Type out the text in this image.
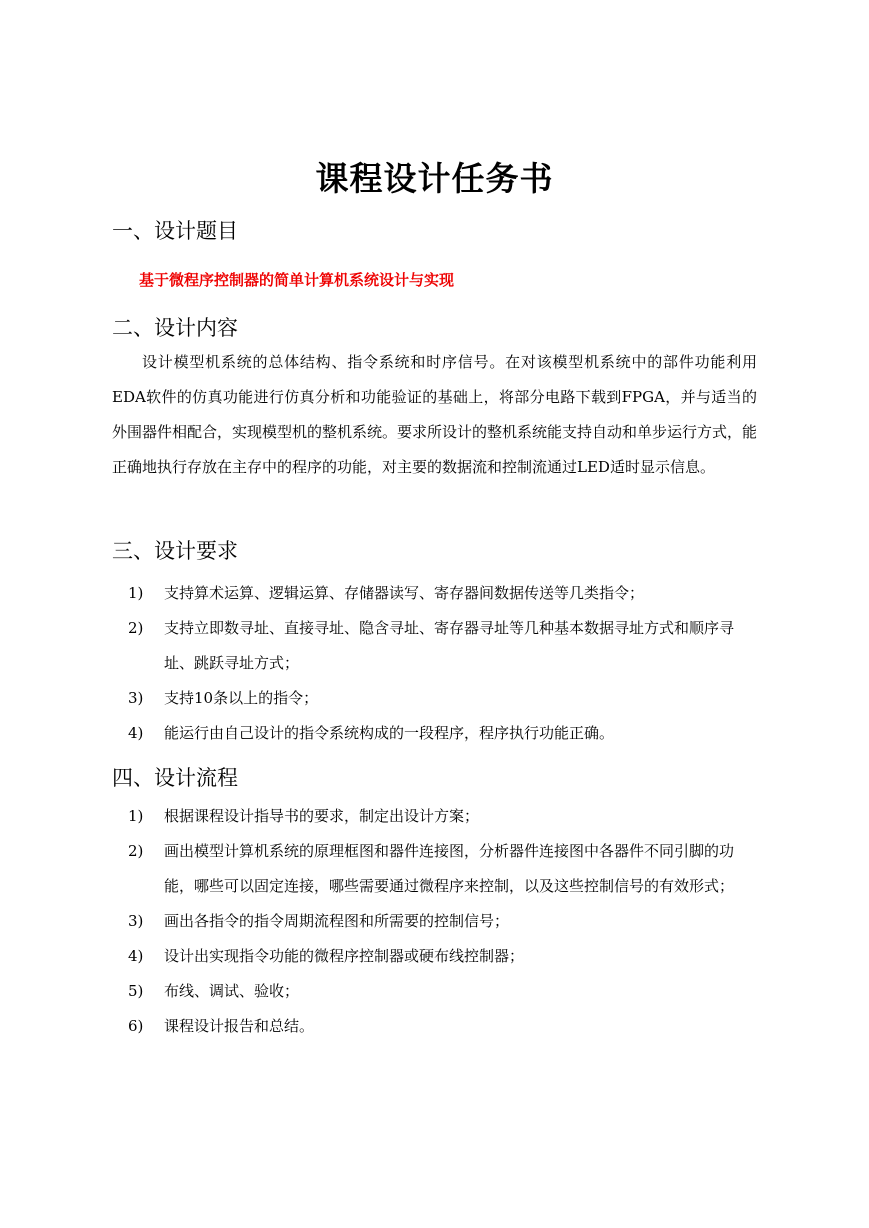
课程设计任务书
一、设计题目
基于微程序控制器的简单计算机系统设计与实现
二、设计内容
设计模型机系统的总体结构、指令系统和时序信号。在对该模型机系统中的部件功能利用EDA软件的仿真功能进行仿真分析和功能验证的基础上，将部分电路下载到FPGA，并与适当的外围器件相配合，实现模型机的整机系统。要求所设计的整机系统能支持自动和单步运行方式，能正确地执行存放在主存中的程序的功能，对主要的数据流和控制流通过LED适时显示信息。
三、设计要求
1) 支持算术运算、逻辑运算、存储器读写、寄存器间数据传送等几类指令；
2) 支持立即数寻址、直接寻址、隐含寻址、寄存器寻址等几种基本数据寻址方式和顺序寻址、跳跃寻址方式；
3) 支持10条以上的指令；
4) 能运行由自己设计的指令系统构成的一段程序，程序执行功能正确。
四、设计流程
1) 根据课程设计指导书的要求，制定出设计方案；
2) 画出模型计算机系统的原理框图和器件连接图，分析器件连接图中各器件不同引脚的功能，哪些可以固定连接，哪些需要通过微程序来控制，以及这些控制信号的有效形式；
3) 画出各指令的指令周期流程图和所需要的控制信号；
4) 设计出实现指令功能的微程序控制器或硬布线控制器；
5) 布线、调试、验收；
6) 课程设计报告和总结。
